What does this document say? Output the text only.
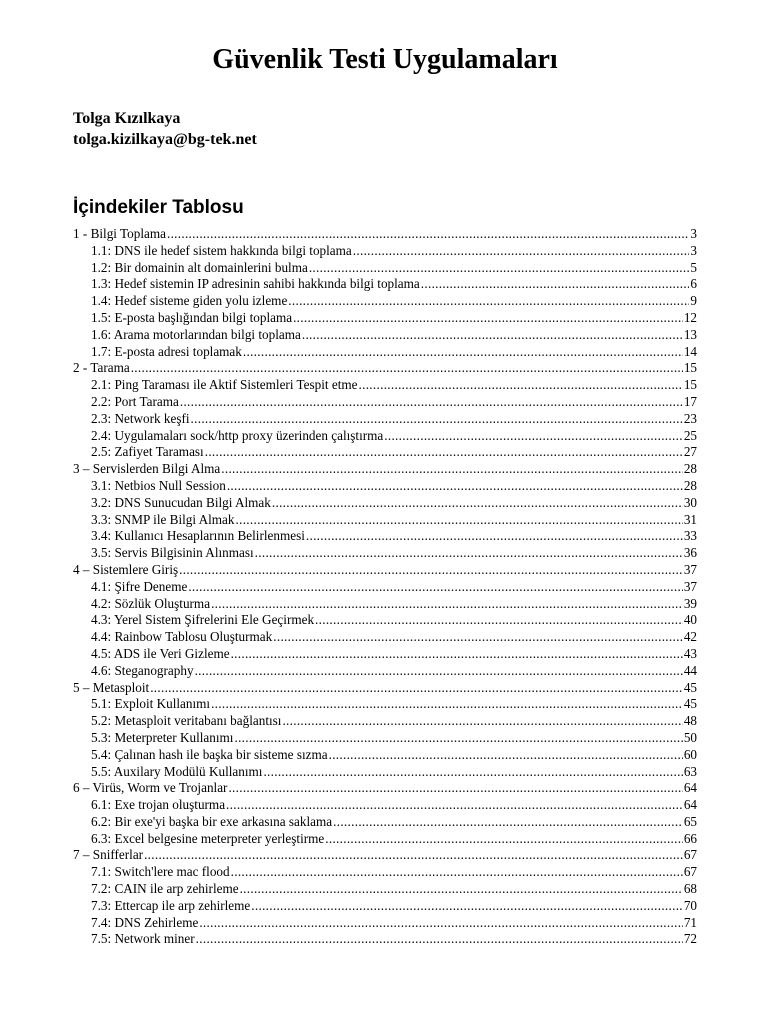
Güvenlik Testi Uygulamaları
Tolga Kızılkaya
tolga.kizilkaya@bg-tek.net
İçindekiler Tablosu
1 - Bilgi Toplama .....	3
1.1: DNS ile hedef sistem hakkında bilgi toplama .....	3
1.2: Bir domainin alt domainlerini bulma .....	5
1.3: Hedef sistemin IP adresinin sahibi hakkında bilgi toplama .....	6
1.4: Hedef sisteme giden yolu izleme .....	9
1.5: E-posta başlığından bilgi toplama .....	12
1.6: Arama motorlarından bilgi toplama .....	13
1.7: E-posta adresi toplamak .....	14
2 - Tarama .....	15
2.1: Ping Taraması ile Aktif Sistemleri Tespit etme .....	15
2.2: Port Tarama .....	17
2.3: Network keşfi .....	23
2.4: Uygulamaları sock/http proxy üzerinden çalıştırma .....	25
2.5: Zafiyet Taraması .....	27
3 – Servislerden Bilgi Alma .....	28
3.1: Netbios Null Session .....	28
3.2: DNS Sunucudan Bilgi Almak .....	30
3.3: SNMP ile Bilgi Almak .....	31
3.4: Kullanıcı Hesaplarının Belirlenmesi .....	33
3.5: Servis Bilgisinin Alınması .....	36
4 – Sistemlere Giriş .....	37
4.1: Şifre Deneme .....	37
4.2: Sözlük Oluşturma .....	39
4.3: Yerel Sistem Şifrelerini Ele Geçirmek .....	40
4.4: Rainbow Tablosu Oluşturmak .....	42
4.5: ADS ile Veri Gizleme .....	43
4.6: Steganography .....	44
5 – Metasploit .....	45
5.1: Exploit Kullanımı .....	45
5.2: Metasploit veritabanı bağlantısı .....	48
5.3: Meterpreter Kullanımı .....	50
5.4: Çalınan hash ile başka bir sisteme sızma .....	60
5.5: Auxilary Modülü Kullanımı .....	63
6 – Virüs, Worm ve Trojanlar .....	64
6.1: Exe trojan oluşturma .....	64
6.2: Bir exe'yi başka bir exe arkasına saklama .....	65
6.3: Excel belgesine meterpreter yerleştirme .....	66
7 – Snifferlar .....	67
7.1: Switch'lere mac flood .....	67
7.2: CAIN ile arp zehirleme .....	68
7.3: Ettercap ile arp zehirleme .....	70
7.4: DNS Zehirleme .....	71
7.5: Network miner .....	72
